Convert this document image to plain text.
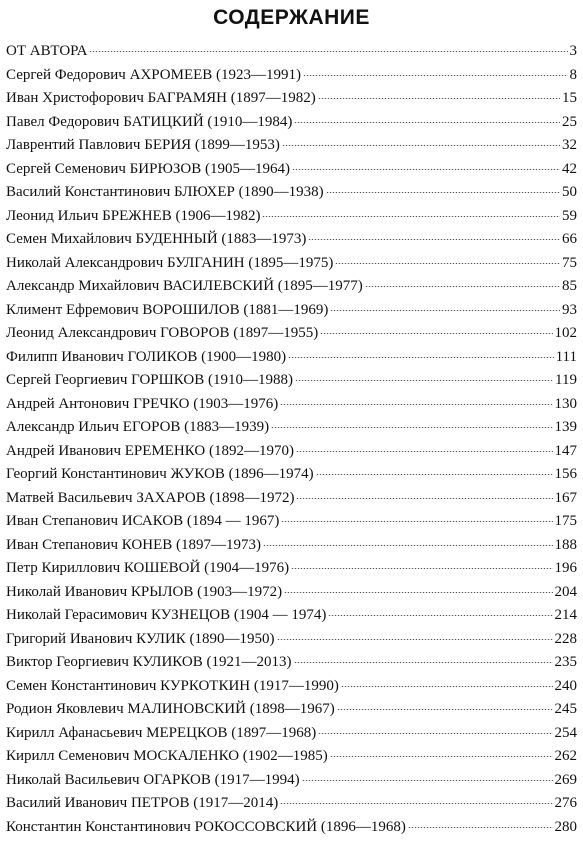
СОДЕРЖАНИЕ
ОТ АВТОРА	3
Сергей Федорович АХРОМЕЕВ (1923—1991)	8
Иван Христофорович БАГРАМЯН (1897—1982)	15
Павел Федорович БАТИЦКИЙ (1910—1984)	25
Лаврентий Павлович БЕРИЯ (1899—1953)	32
Сергей Семенович БИРЮЗОВ (1905—1964)	42
Василий Константинович БЛЮХЕР (1890—1938)	50
Леонид Ильич БРЕЖНЕВ (1906—1982)	59
Семен Михайлович БУДЕННЫЙ (1883—1973)	66
Николай Александрович БУЛГАНИН (1895—1975)	75
Александр Михайлович ВАСИЛЕВСКИЙ (1895—1977)	85
Климент Ефремович ВОРОШИЛОВ (1881—1969)	93
Леонид Александрович ГОВОРОВ (1897—1955)	102
Филипп Иванович ГОЛИКОВ (1900—1980)	111
Сергей Георгиевич ГОРШКОВ (1910—1988)	119
Андрей Антонович ГРЕЧКО (1903—1976)	130
Александр Ильич ЕГОРОВ (1883—1939)	139
Андрей Иванович ЕРЕМЕНКО (1892—1970)	147
Георгий Константинович ЖУКОВ (1896—1974)	156
Матвей Васильевич ЗАХАРОВ (1898—1972)	167
Иван Степанович ИСАКОВ (1894 — 1967)	175
Иван Степанович КОНЕВ (1897—1973)	188
Петр Кириллович КОШЕВОЙ (1904—1976)	196
Николай Иванович КРЫЛОВ (1903—1972)	204
Николай Герасимович КУЗНЕЦОВ (1904 — 1974)	214
Григорий Иванович КУЛИК (1890—1950)	228
Виктор Георгиевич КУЛИКОВ (1921—2013)	235
Семен Константинович КУРКОТКИН (1917—1990)	240
Родион Яковлевич МАЛИНОВСКИЙ (1898—1967)	245
Кирилл Афанасьевич МЕРЕЦКОВ (1897—1968)	254
Кирилл Семенович МОСКАЛЕНКО (1902—1985)	262
Николай Васильевич ОГАРКОВ (1917—1994)	269
Василий Иванович ПЕТРОВ (1917—2014)	276
Константин Константинович РОКОССОВСКИЙ (1896—1968)	280
